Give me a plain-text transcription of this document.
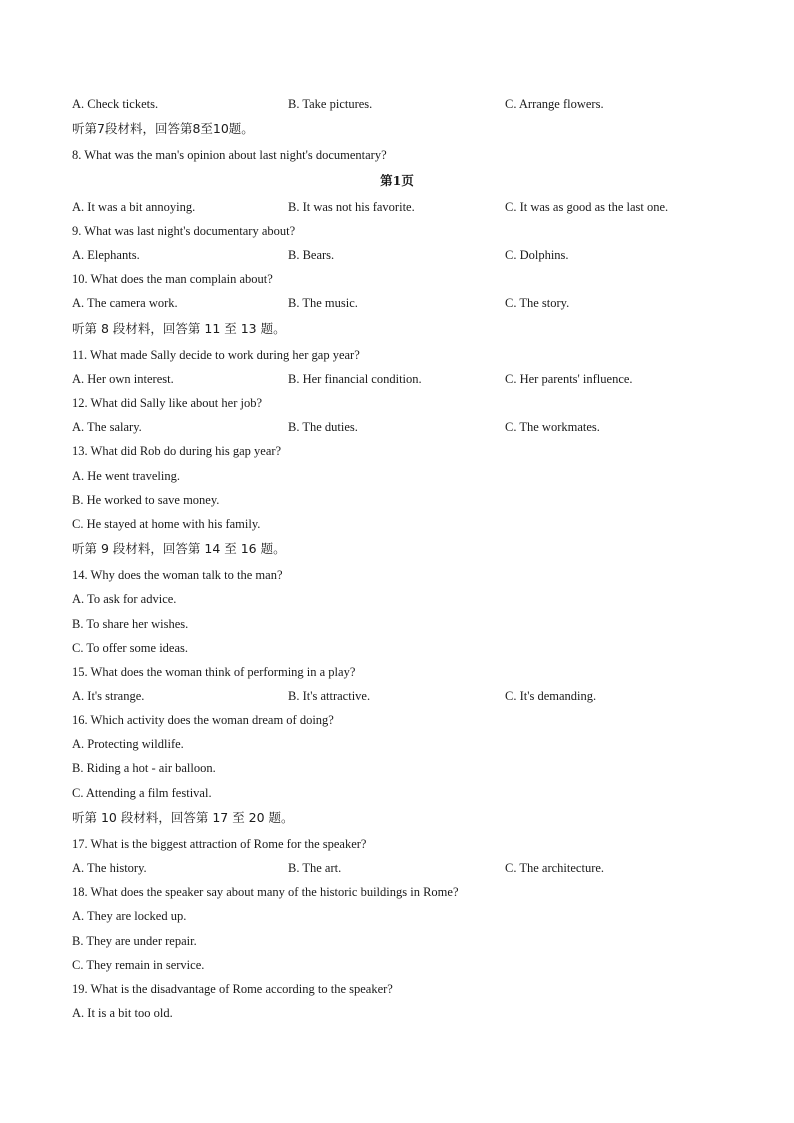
A. Check tickets.	B. Take pictures.	C. Arrange flowers.
听第7段材料，回答第8至10题。
8. What was the man's opinion about last night's documentary?
第1页
A. It was a bit annoying.	B. It was not his favorite.	C. It was as good as the last one.
9. What was last night's documentary about?
A. Elephants.	B. Bears.	C. Dolphins.
10. What does the man complain about?
A. The camera work.	B. The music.	C. The story.
听第 8 段材料，回答第 11 至 13 题。
11. What made Sally decide to work during her gap year?
A. Her own interest.	B. Her financial condition.	C. Her parents' influence.
12. What did Sally like about her job?
A. The salary.	B. The duties.	C. The workmates.
13. What did Rob do during his gap year?
A. He went traveling.
B. He worked to save money.
C. He stayed at home with his family.
听第 9 段材料，回答第 14 至 16 题。
14. Why does the woman talk to the man?
A. To ask for advice.
B. To share her wishes.
C. To offer some ideas.
15. What does the woman think of performing in a play?
A. It's strange.	B. It's attractive.	C. It's demanding.
16. Which activity does the woman dream of doing?
A. Protecting wildlife.
B. Riding a hot - air balloon.
C. Attending a film festival.
听第 10 段材料，回答第 17 至 20 题。
17. What is the biggest attraction of Rome for the speaker?
A. The history.	B. The art.	C. The architecture.
18. What does the speaker say about many of the historic buildings in Rome?
A. They are locked up.
B. They are under repair.
C. They remain in service.
19. What is the disadvantage of Rome according to the speaker?
A. It is a bit too old.
